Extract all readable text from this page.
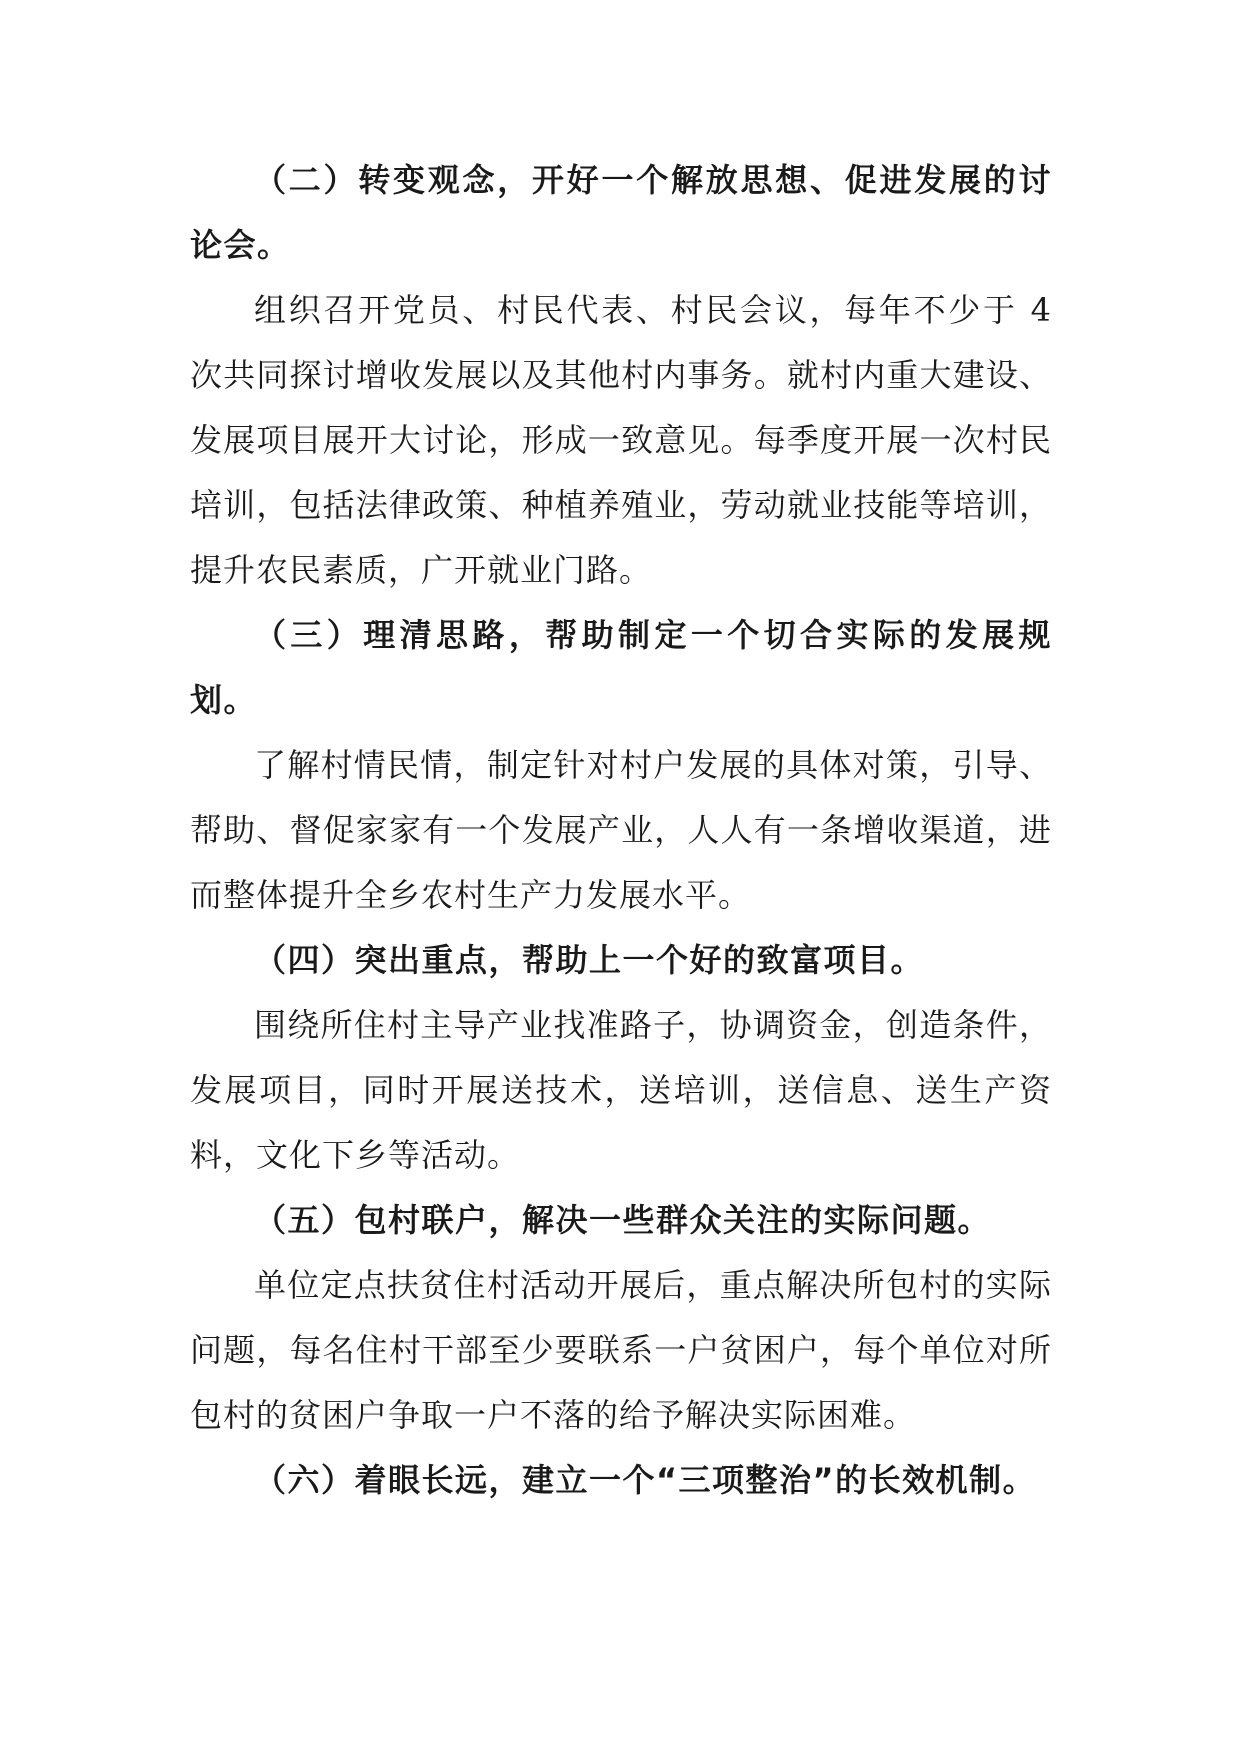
（二）转变观念，开好一个解放思想、促进发展的讨论会。

组织召开党员、村民代表、村民会议，每年不少于 4 次共同探讨增收发展以及其他村内事务。就村内重大建设、发展项目展开大讨论，形成一致意见。每季度开展一次村民培训，包括法律政策、种植养殖业，劳动就业技能等培训，提升农民素质，广开就业门路。

（三）理清思路，帮助制定一个切合实际的发展规划。

了解村情民情，制定针对村户发展的具体对策，引导、帮助、督促家家有一个发展产业，人人有一条增收渠道，进而整体提升全乡农村生产力发展水平。

（四）突出重点，帮助上一个好的致富项目。

围绕所住村主导产业找准路子，协调资金，创造条件，发展项目，同时开展送技术，送培训，送信息、送生产资料，文化下乡等活动。

（五）包村联户，解决一些群众关注的实际问题。

单位定点扶贫住村活动开展后，重点解决所包村的实际问题，每名住村干部至少要联系一户贫困户，每个单位对所包村的贫困户争取一户不落的给予解决实际困难。

（六）着眼长远，建立一个“三项整治”的长效机制。
